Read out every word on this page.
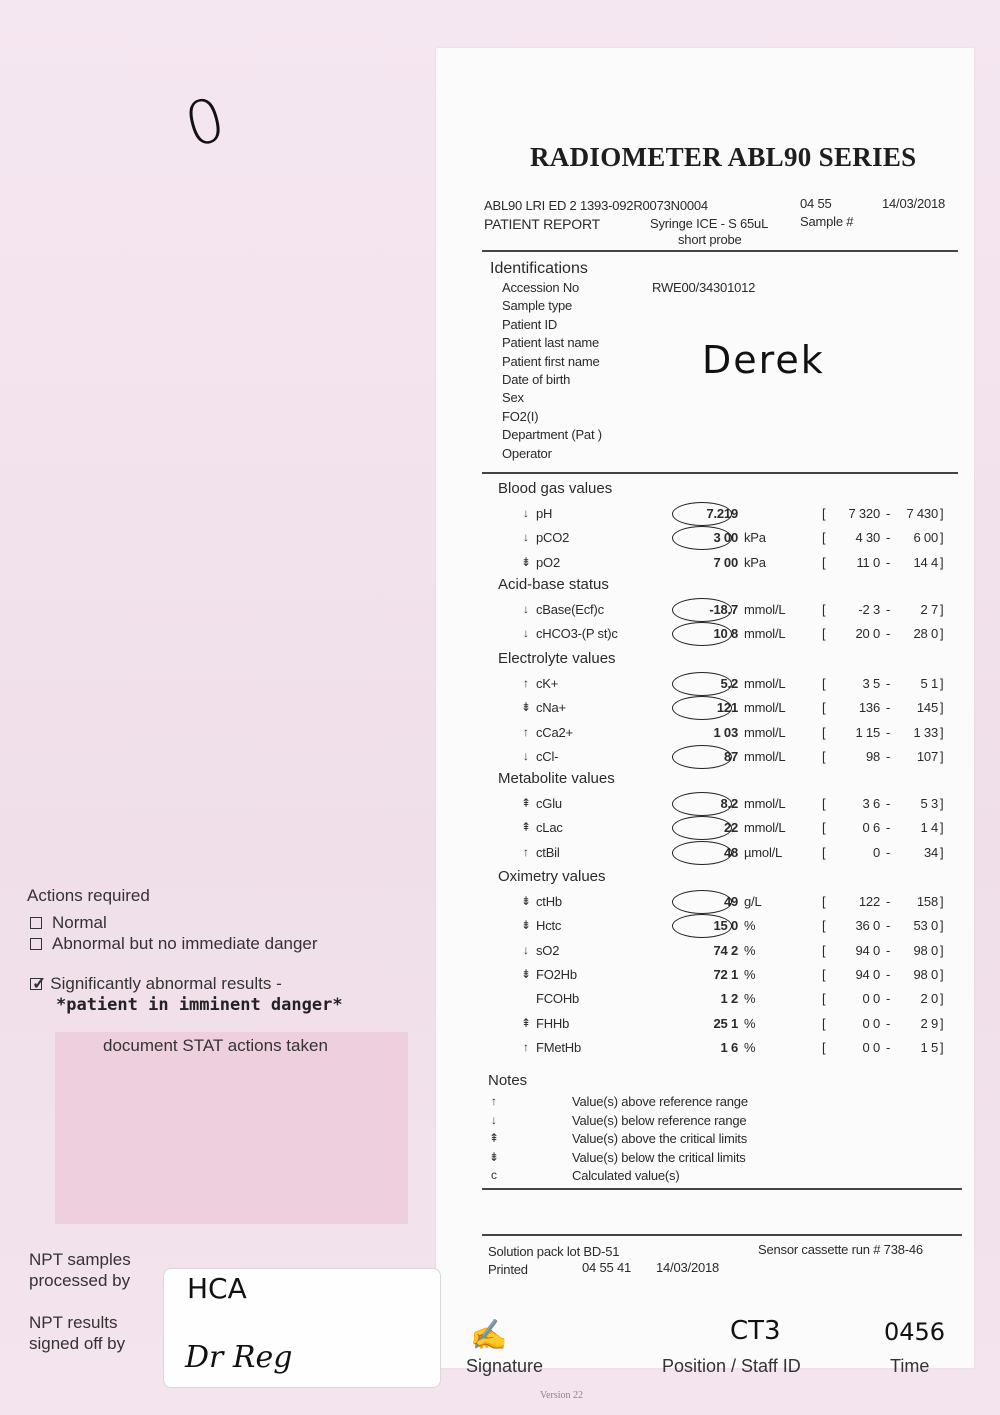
0	RADIOMETER ABL90 SERIES
ABL90 LRI ED 2 1393-092R0073N0004
PATIENT REPORT	Syringe ICE - S 65uL
short probe
04 55
Sample #
14/03/2018
Identifications
Accession No	RWE00/34301012
Sample type
Patient ID
Patient last name
Patient first name
Date of birth
Sex
FO2(I)
Department (Pat )
Operator
Derek
Blood gas values
↓ pH	7.219	[	7 320 -	7 430 ]
↓ pCO2	3 00 kPa	[	4 30 -	6 00 ]
⇟ pO2	7 00 kPa	[	11 0 -	14 4 ]
Acid-base status
↓ cBase(Ecf)c	-18.7 mmol/L	[	-2 3 -	2 7 ]
↓ cHCO3-(P st)c	10 8 mmol/L	[	20 0 -	28 0 ]
Electrolyte values
↑ cK+	5.2 mmol/L	[	3 5 -	5 1 ]
⇟ cNa+	121 mmol/L	[	136 -	145 ]
↑ cCa2+	1 03 mmol/L	[	1 15 -	1 33 ]
↓ cCl-	87 mmol/L	[	98 -	107 ]
Metabolite values
⇞ cGlu	8.2 mmol/L	[	3 6 -	5 3 ]
⇞ cLac	22 mmol/L	[	0 6 -	1 4 ]
↑ ctBil	48 µmol/L	[	0 -	34 ]
Oximetry values
⇟ ctHb	49 g/L	[	122 -	158 ]
⇟ Hctc	15 0 %	[	36 0 -	53 0 ]
↓ sO2	74 2 %	[	94 0 -	98 0 ]
⇟ FO2Hb	72 1 %	[	94 0 -	98 0 ]
FCOHb	1 2 %	[	0 0 -	2 0 ]
⇞ FHHb	25 1 %	[	0 0 -	2 9 ]
↑ FMetHb	1 6 %	[	0 0 -	1 5 ]
Notes
↑	Value(s) above reference range
↓	Value(s) below reference range
⇞	Value(s) above the critical limits
⇟	Value(s) below the critical limits
c	Calculated value(s)
Solution pack lot BD-51	Sensor cassette run # 738-46
Printed	04 55 41 14/03/2018
Actions required
Normal
Abnormal but no immediate danger
✓ Significantly abnormal results -
*patient in imminent danger*
document STAT actions taken
NPT samples
processed by
NPT results
signed off by
HCA
Dr Reg
✍
Signature
CT3
Position / Staff ID
0456
Time
Version 22
